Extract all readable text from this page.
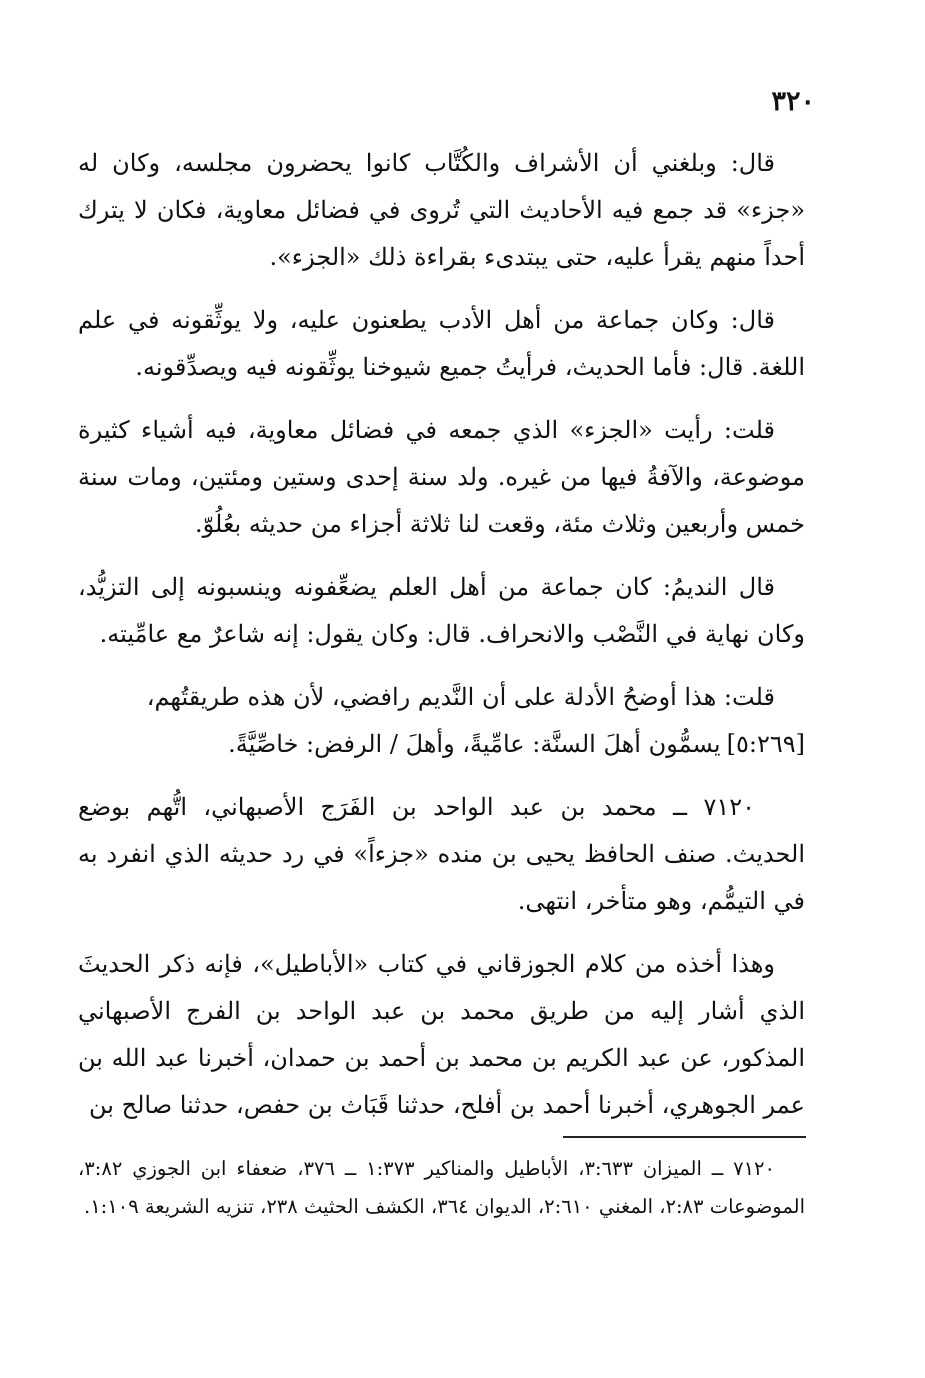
٣٢٠

قال: وبلغني أن الأشراف والكُتَّاب كانوا يحضرون مجلسه، وكان له «جزء» قد جمع فيه الأحاديث التي تُروى في فضائل معاوية، فكان لا يترك أحداً منهم يقرأ عليه، حتى يبتدىء بقراءة ذلك «الجزء».

قال: وكان جماعة من أهل الأدب يطعنون عليه، ولا يوثِّقونه في علم اللغة. قال: فأما الحديث، فرأيتُ جميع شيوخنا يوثِّقونه فيه ويصدِّقونه.

قلت: رأيت «الجزء» الذي جمعه في فضائل معاوية، فيه أشياء كثيرة موضوعة، والآفةُ فيها من غيره. ولد سنة إحدى وستين ومئتين، ومات سنة خمس وأربعين وثلاث مئة، وقعت لنا ثلاثة أجزاء من حديثه بعُلُوّ.

قال النديمُ: كان جماعة من أهل العلم يضعِّفونه وينسبونه إلى التزيُّد، وكان نهاية في النَّصْب والانحراف. قال: وكان يقول: إنه شاعرٌ مع عامِّيته.

قلت: هذا أوضحُ الأدلة على أن النَّديم رافضي، لأن هذه طريقتُهم،
[٥:٢٦٩]يسمُّون أهلَ السنَّة: عامِّيةً، وأهلَ / الرفض: خاصِّيَّةً.

٧١٢٠ ــ محمد بن عبد الواحد بن الفَرَج الأصبهاني، اتُّهم بوضع الحديث. صنف الحافظ يحيى بن منده «جزءاً» في رد حديثه الذي انفرد به في التيمُّم، وهو متأخر، انتهى.

وهذا أخذه من كلام الجوزقاني في كتاب «الأباطيل»، فإنه ذكر الحديثَ الذي أشار إليه من طريق محمد بن عبد الواحد بن الفرج الأصبهاني المذكور، عن عبد الكريم بن محمد بن أحمد بن حمدان، أخبرنا عبد الله بن عمر الجوهري، أخبرنا أحمد بن أفلح، حدثنا قَبَاث بن حفص، حدثنا صالح بن

٧١٢٠ ــ الميزان ٣:٦٣٣، الأباطيل والمناكير ١:٣٧٣ ــ ٣٧٦، ضعفاء ابن الجوزي ٣:٨٢، الموضوعات ٢:٨٣، المغني ٢:٦١٠، الديوان ٣٦٤، الكشف الحثيث ٢٣٨، تنزيه الشريعة ١:١٠٩.
